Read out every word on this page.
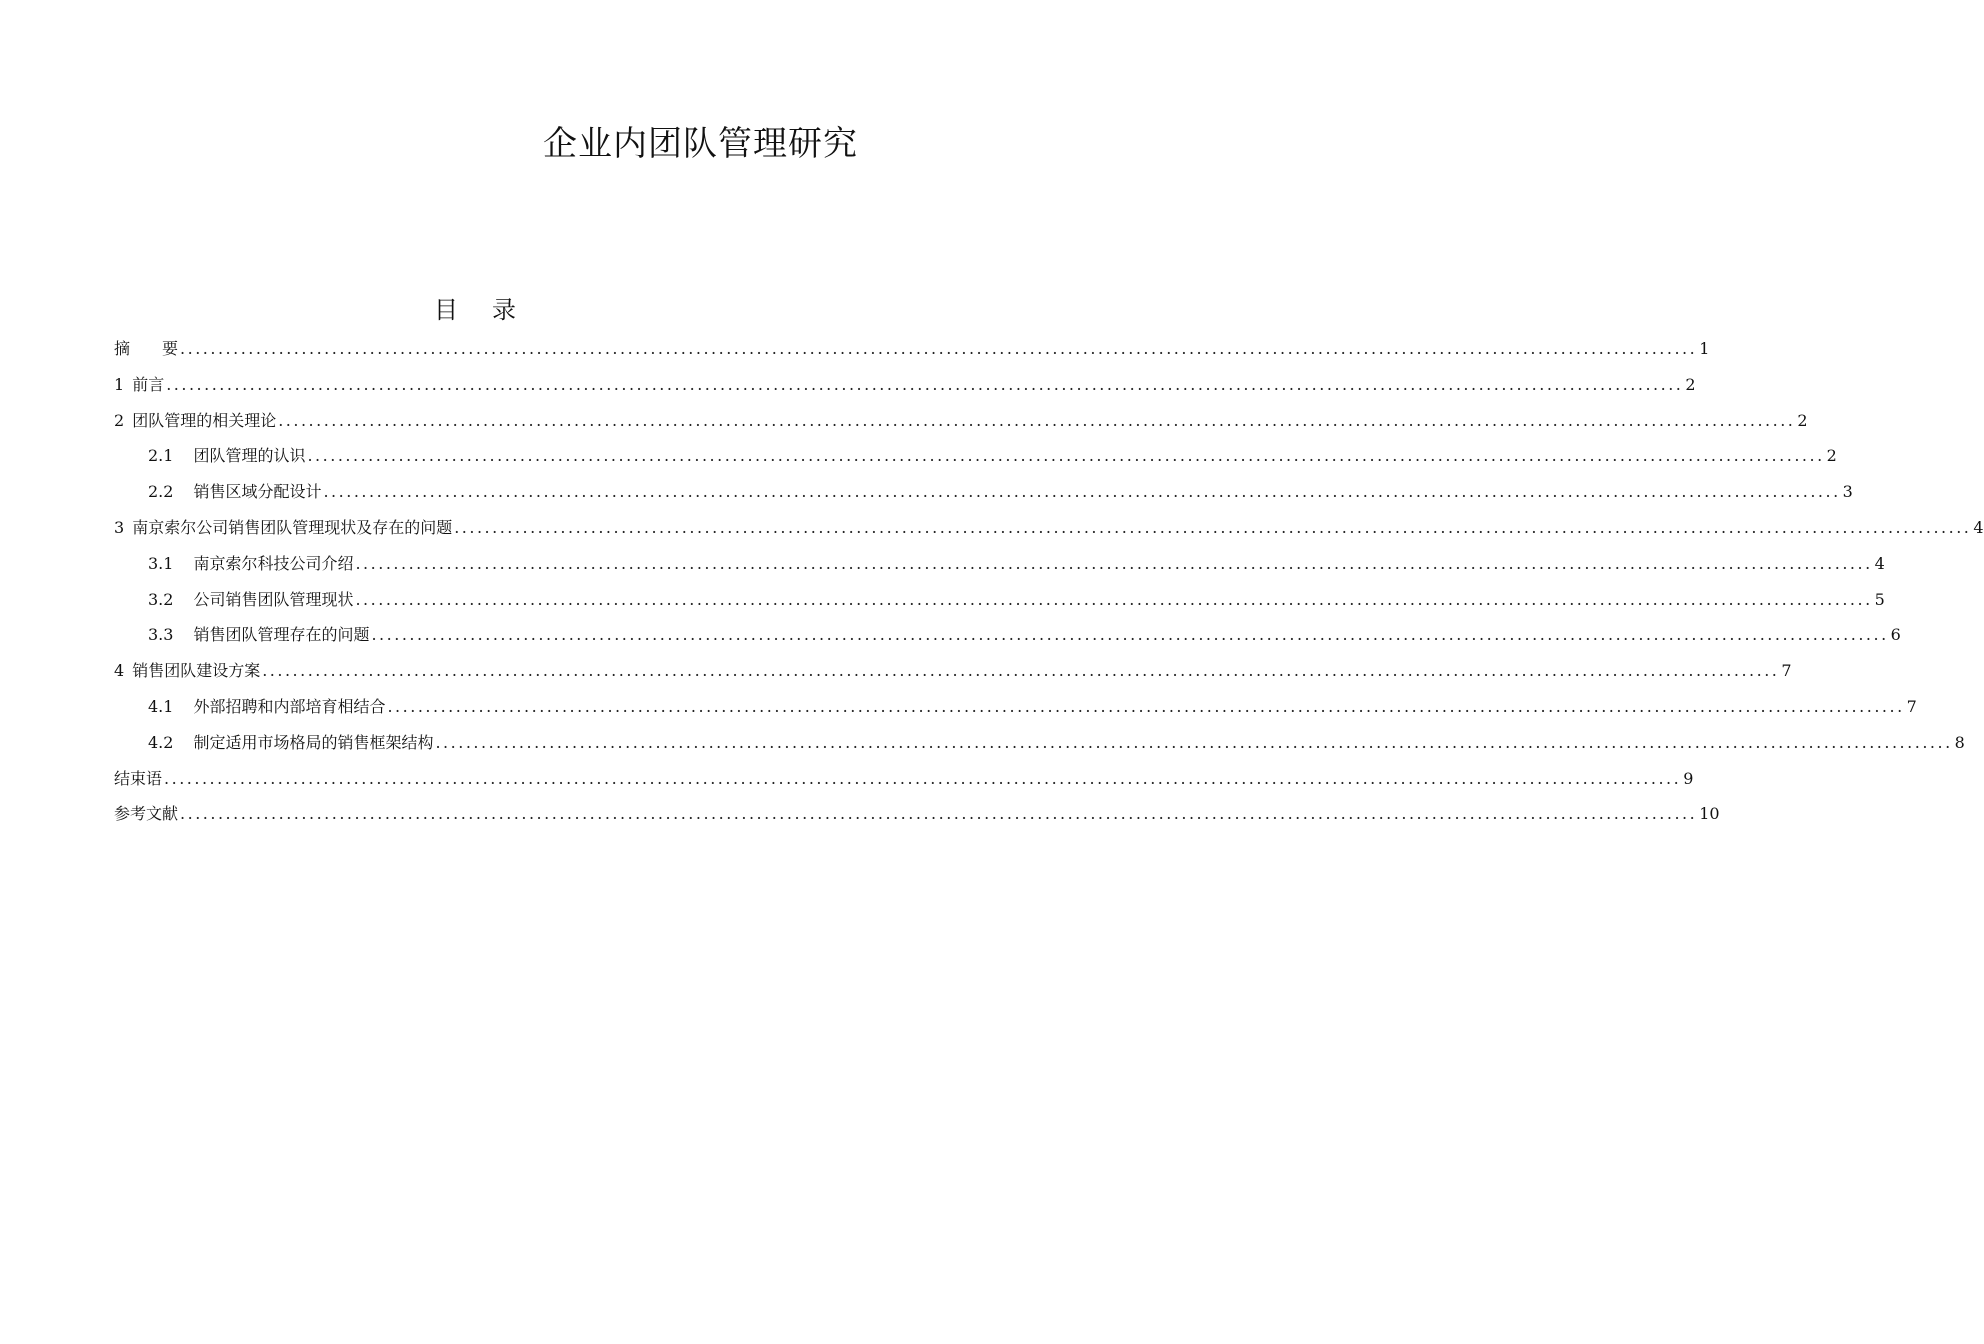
企业内团队管理研究
目 录
摘　　要 ........................................................................................................................................................................................................ 1
1 前言 ........................................................................................................................................................................................................ 2
2 团队管理的相关理论 ........................................................................................................................................................................................................ 2
2.1 团队管理的认识 ........................................................................................................................................................................................................ 2
2.2 销售区域分配设计 ........................................................................................................................................................................................................ 3
3 南京索尔公司销售团队管理现状及存在的问题 ........................................................................................................................................................................................................ 4
3.1 南京索尔科技公司介绍 ........................................................................................................................................................................................................ 4
3.2 公司销售团队管理现状 ........................................................................................................................................................................................................ 5
3.3 销售团队管理存在的问题 ........................................................................................................................................................................................................ 6
4 销售团队建设方案 ........................................................................................................................................................................................................ 7
4.1 外部招聘和内部培育相结合 ........................................................................................................................................................................................................ 7
4.2 制定适用市场格局的销售框架结构 ........................................................................................................................................................................................................ 8
结束语 ........................................................................................................................................................................................................ 9
参考文献 ........................................................................................................................................................................................................ 10
